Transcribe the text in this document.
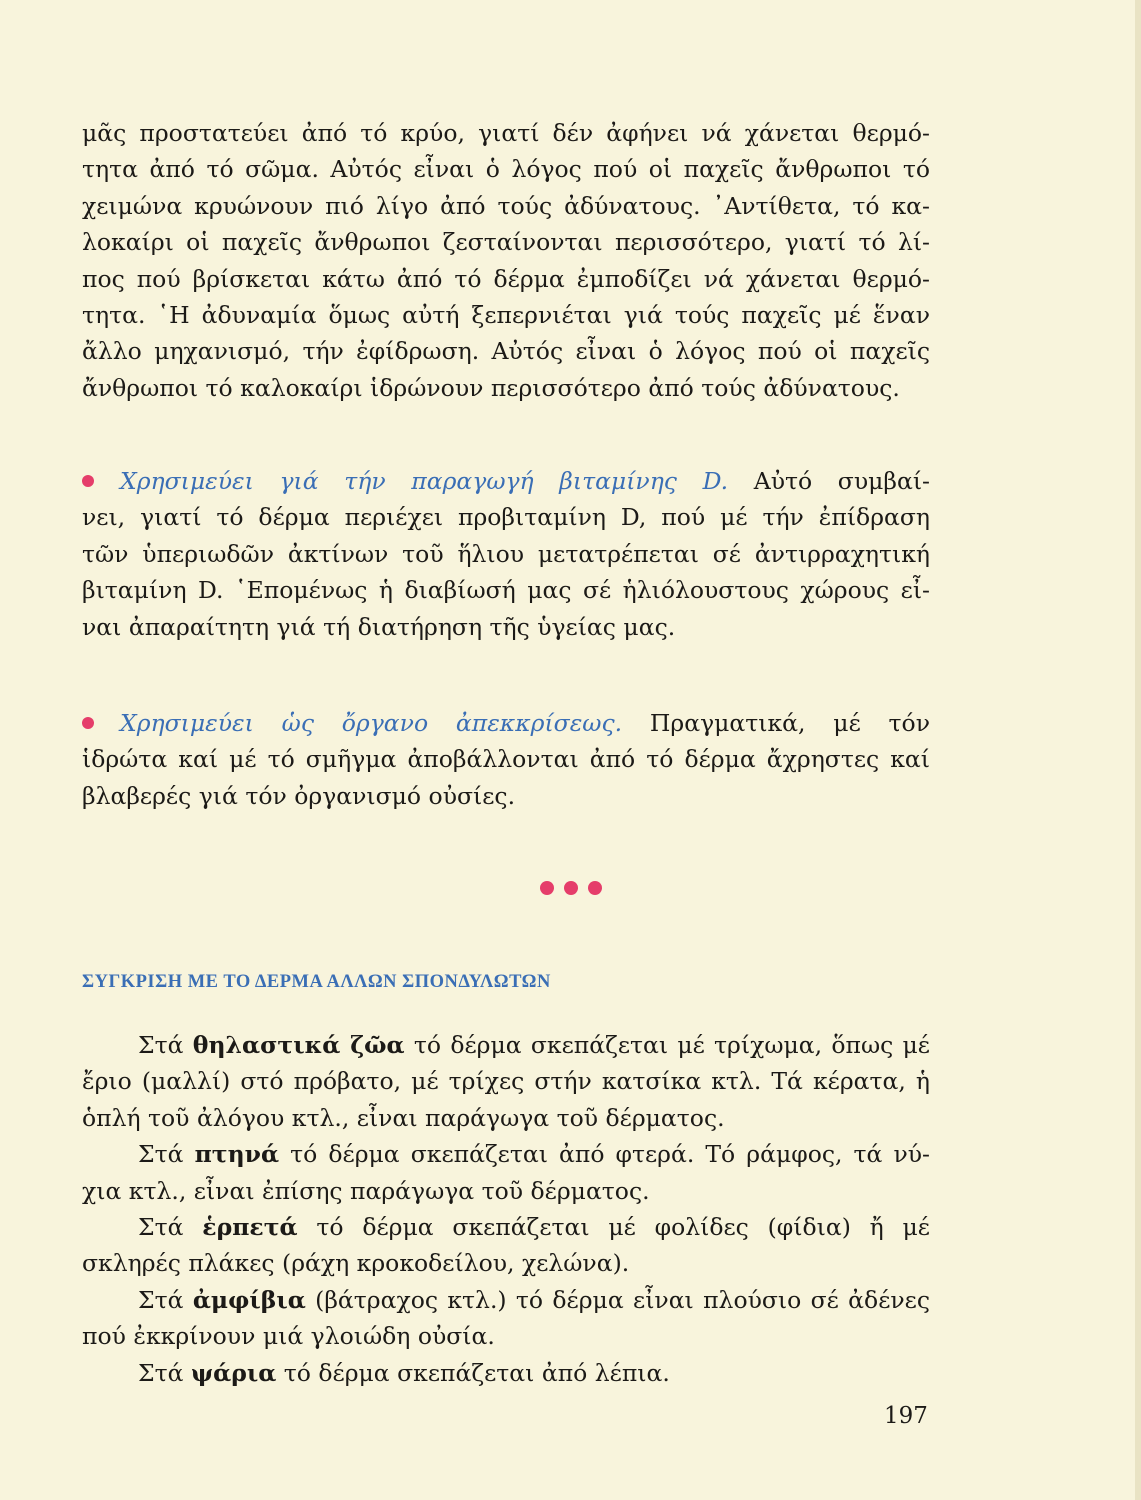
μᾶς προστατεύει ἀπό τό κρύο, γιατί δέν ἀφήνει νά χάνεται θερμό-
τητα ἀπό τό σῶμα. Αὐτός εἶναι ὁ λόγος πού οἱ παχεῖς ἄνθρωποι τό
χειμώνα κρυώνουν πιό λίγο ἀπό τούς ἀδύνατους. ᾿Αντίθετα, τό κα-
λοκαίρι οἱ παχεῖς ἄνθρωποι ζεσταίνονται περισσότερο, γιατί τό λί-
πος πού βρίσκεται κάτω ἀπό τό δέρμα ἐμποδίζει νά χάνεται θερμό-
τητα. ῾Η ἀδυναμία ὅμως αὐτή ξεπερνιέται γιά τούς παχεῖς μέ ἕναν
ἄλλο μηχανισμό, τήν ἐφίδρωση. Αὐτός εἶναι ὁ λόγος πού οἱ παχεῖς
ἄνθρωποι τό καλοκαίρι ἱδρώνουν περισσότερο ἀπό τούς ἀδύνατους.
Χρησιμεύει γιά τήν παραγωγή βιταμίνης D. Αὐτό συμβαί-
νει, γιατί τό δέρμα περιέχει προβιταμίνη D, πού μέ τήν ἐπίδραση
τῶν ὑπεριωδῶν ἀκτίνων τοῦ ἥλιου μετατρέπεται σέ ἀντιρραχητική
βιταμίνη D. ῾Επομένως ἡ διαβίωσή μας σέ ἡλιόλουστους χώρους εἶ-
ναι ἀπαραίτητη γιά τή διατήρηση τῆς ὑγείας μας.
Χρησιμεύει ὡς ὄργανο ἀπεκκρίσεως. Πραγματικά, μέ τόν
ἱδρώτα καί μέ τό σμῆγμα ἀποβάλλονται ἀπό τό δέρμα ἄχρηστες καί
βλαβερές γιά τόν ὀργανισμό οὐσίες.
ΣΥΓΚΡΙΣΗ ΜΕ ΤΟ ΔΕΡΜΑ ΑΛΛΩΝ ΣΠΟΝΔΥΛΩΤΩΝ
Στά θηλαστικά ζῶα τό δέρμα σκεπάζεται μέ τρίχωμα, ὅπως μέ
ἔριο (μαλλί) στό πρόβατο, μέ τρίχες στήν κατσίκα κτλ. Τά κέρατα, ἡ
ὁπλή τοῦ ἀλόγου κτλ., εἶναι παράγωγα τοῦ δέρματος.
Στά πτηνά τό δέρμα σκεπάζεται ἀπό φτερά. Τό ράμφος, τά νύ-
χια κτλ., εἶναι ἐπίσης παράγωγα τοῦ δέρματος.
Στά ἑρπετά τό δέρμα σκεπάζεται μέ φολίδες (φίδια) ἤ μέ
σκληρές πλάκες (ράχη κροκοδείλου, χελώνα).
Στά ἀμφίβια (βάτραχος κτλ.) τό δέρμα εἶναι πλούσιο σέ ἀδένες
πού ἐκκρίνουν μιά γλοιώδη οὐσία.
Στά ψάρια τό δέρμα σκεπάζεται ἀπό λέπια.
197
